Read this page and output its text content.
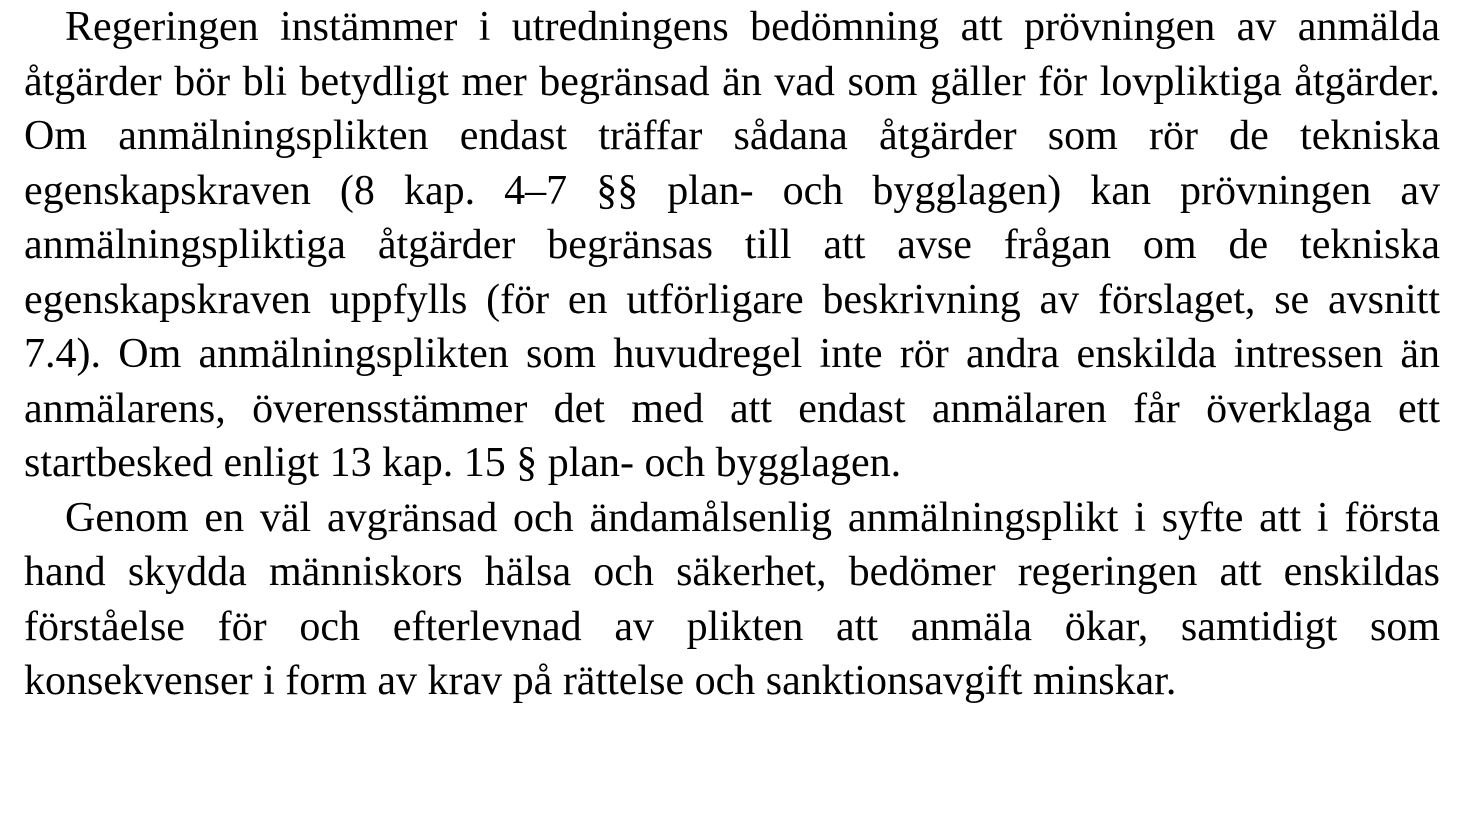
Regeringen instämmer i utredningens bedömning att prövningen av anmälda åtgärder bör bli betydligt mer begränsad än vad som gäller för lovpliktiga åtgärder. Om anmälningsplikten endast träffar sådana åtgärder som rör de tekniska egenskapskraven (8 kap. 4–7 §§ plan- och bygglagen) kan prövningen av anmälningspliktiga åtgärder begränsas till att avse frågan om de tekniska egenskapskraven uppfylls (för en utförligare beskrivning av förslaget, se avsnitt 7.4). Om anmälningsplikten som huvudregel inte rör andra enskilda intressen än anmälarens, överensstämmer det med att endast anmälaren får överklaga ett startbesked enligt 13 kap. 15 § plan- och bygglagen.

Genom en väl avgränsad och ändamålsenlig anmälningsplikt i syfte att i första hand skydda människors hälsa och säkerhet, bedömer regeringen att enskildas förståelse för och efterlevnad av plikten att anmäla ökar, samtidigt som konsekvenser i form av krav på rättelse och sanktionsavgift minskar.
